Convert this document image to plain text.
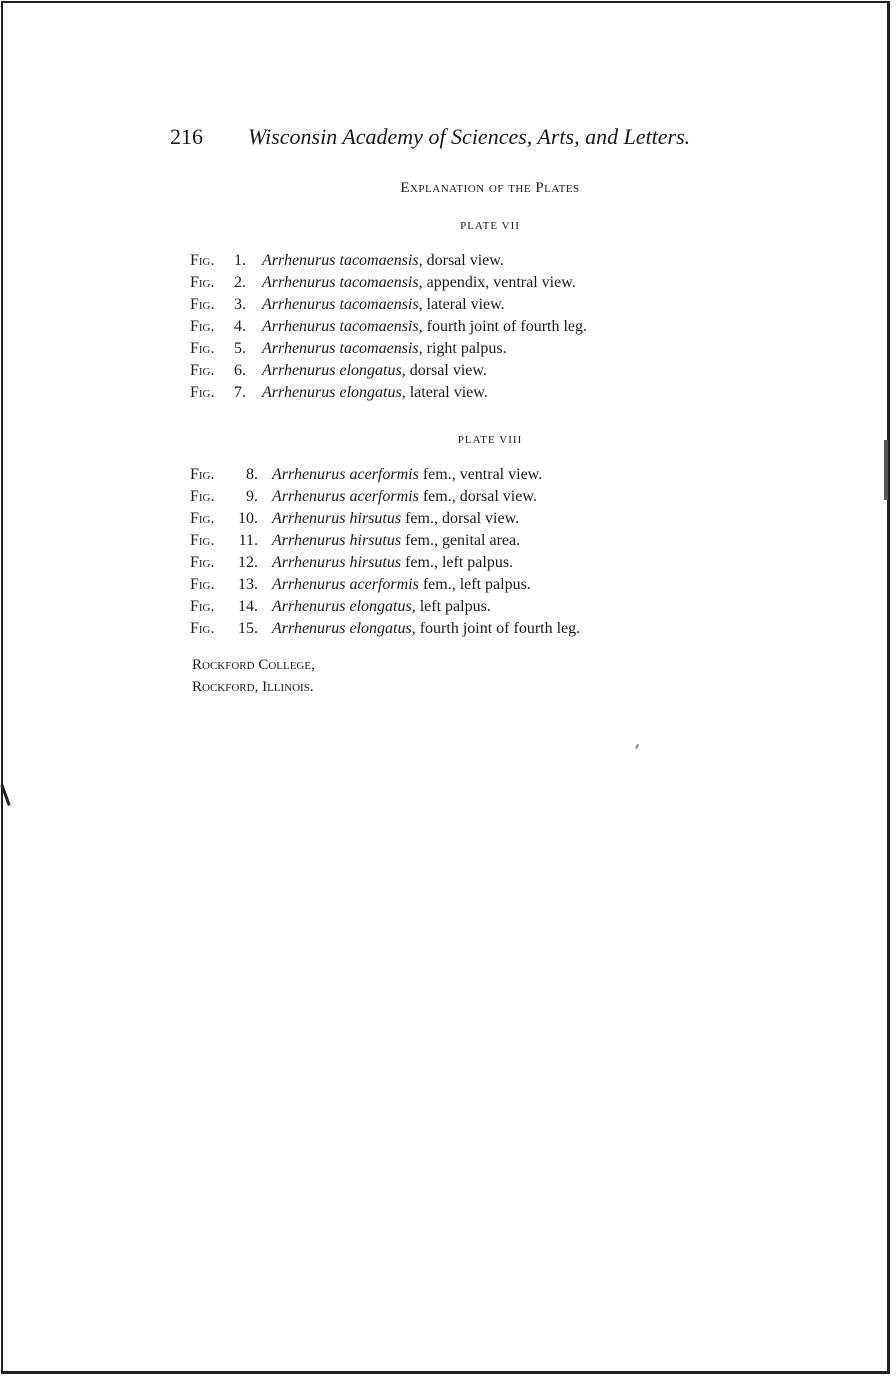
216 Wisconsin Academy of Sciences, Arts, and Letters.
Explanation of the Plates
PLATE VII
Fig. 1. Arrhenurus tacomaensis, dorsal view.
Fig. 2. Arrhenurus tacomaensis, appendix, ventral view.
Fig. 3. Arrhenurus tacomaensis, lateral view.
Fig. 4. Arrhenurus tacomaensis, fourth joint of fourth leg.
Fig. 5. Arrhenurus tacomaensis, right palpus.
Fig. 6. Arrhenurus elongatus, dorsal view.
Fig. 7. Arrhenurus elongatus, lateral view.
PLATE VIII
Fig. 8. Arrhenurus acerformis fem., ventral view.
Fig. 9. Arrhenurus acerformis fem., dorsal view.
Fig. 10. Arrhenurus hirsutus fem., dorsal view.
Fig. 11. Arrhenurus hirsutus fem., genital area.
Fig. 12. Arrhenurus hirsutus fem., left palpus.
Fig. 13. Arrhenurus acerformis fem., left palpus.
Fig. 14. Arrhenurus elongatus, left palpus.
Fig. 15. Arrhenurus elongatus, fourth joint of fourth leg.
Rockford College,
Rockford, Illinois.
